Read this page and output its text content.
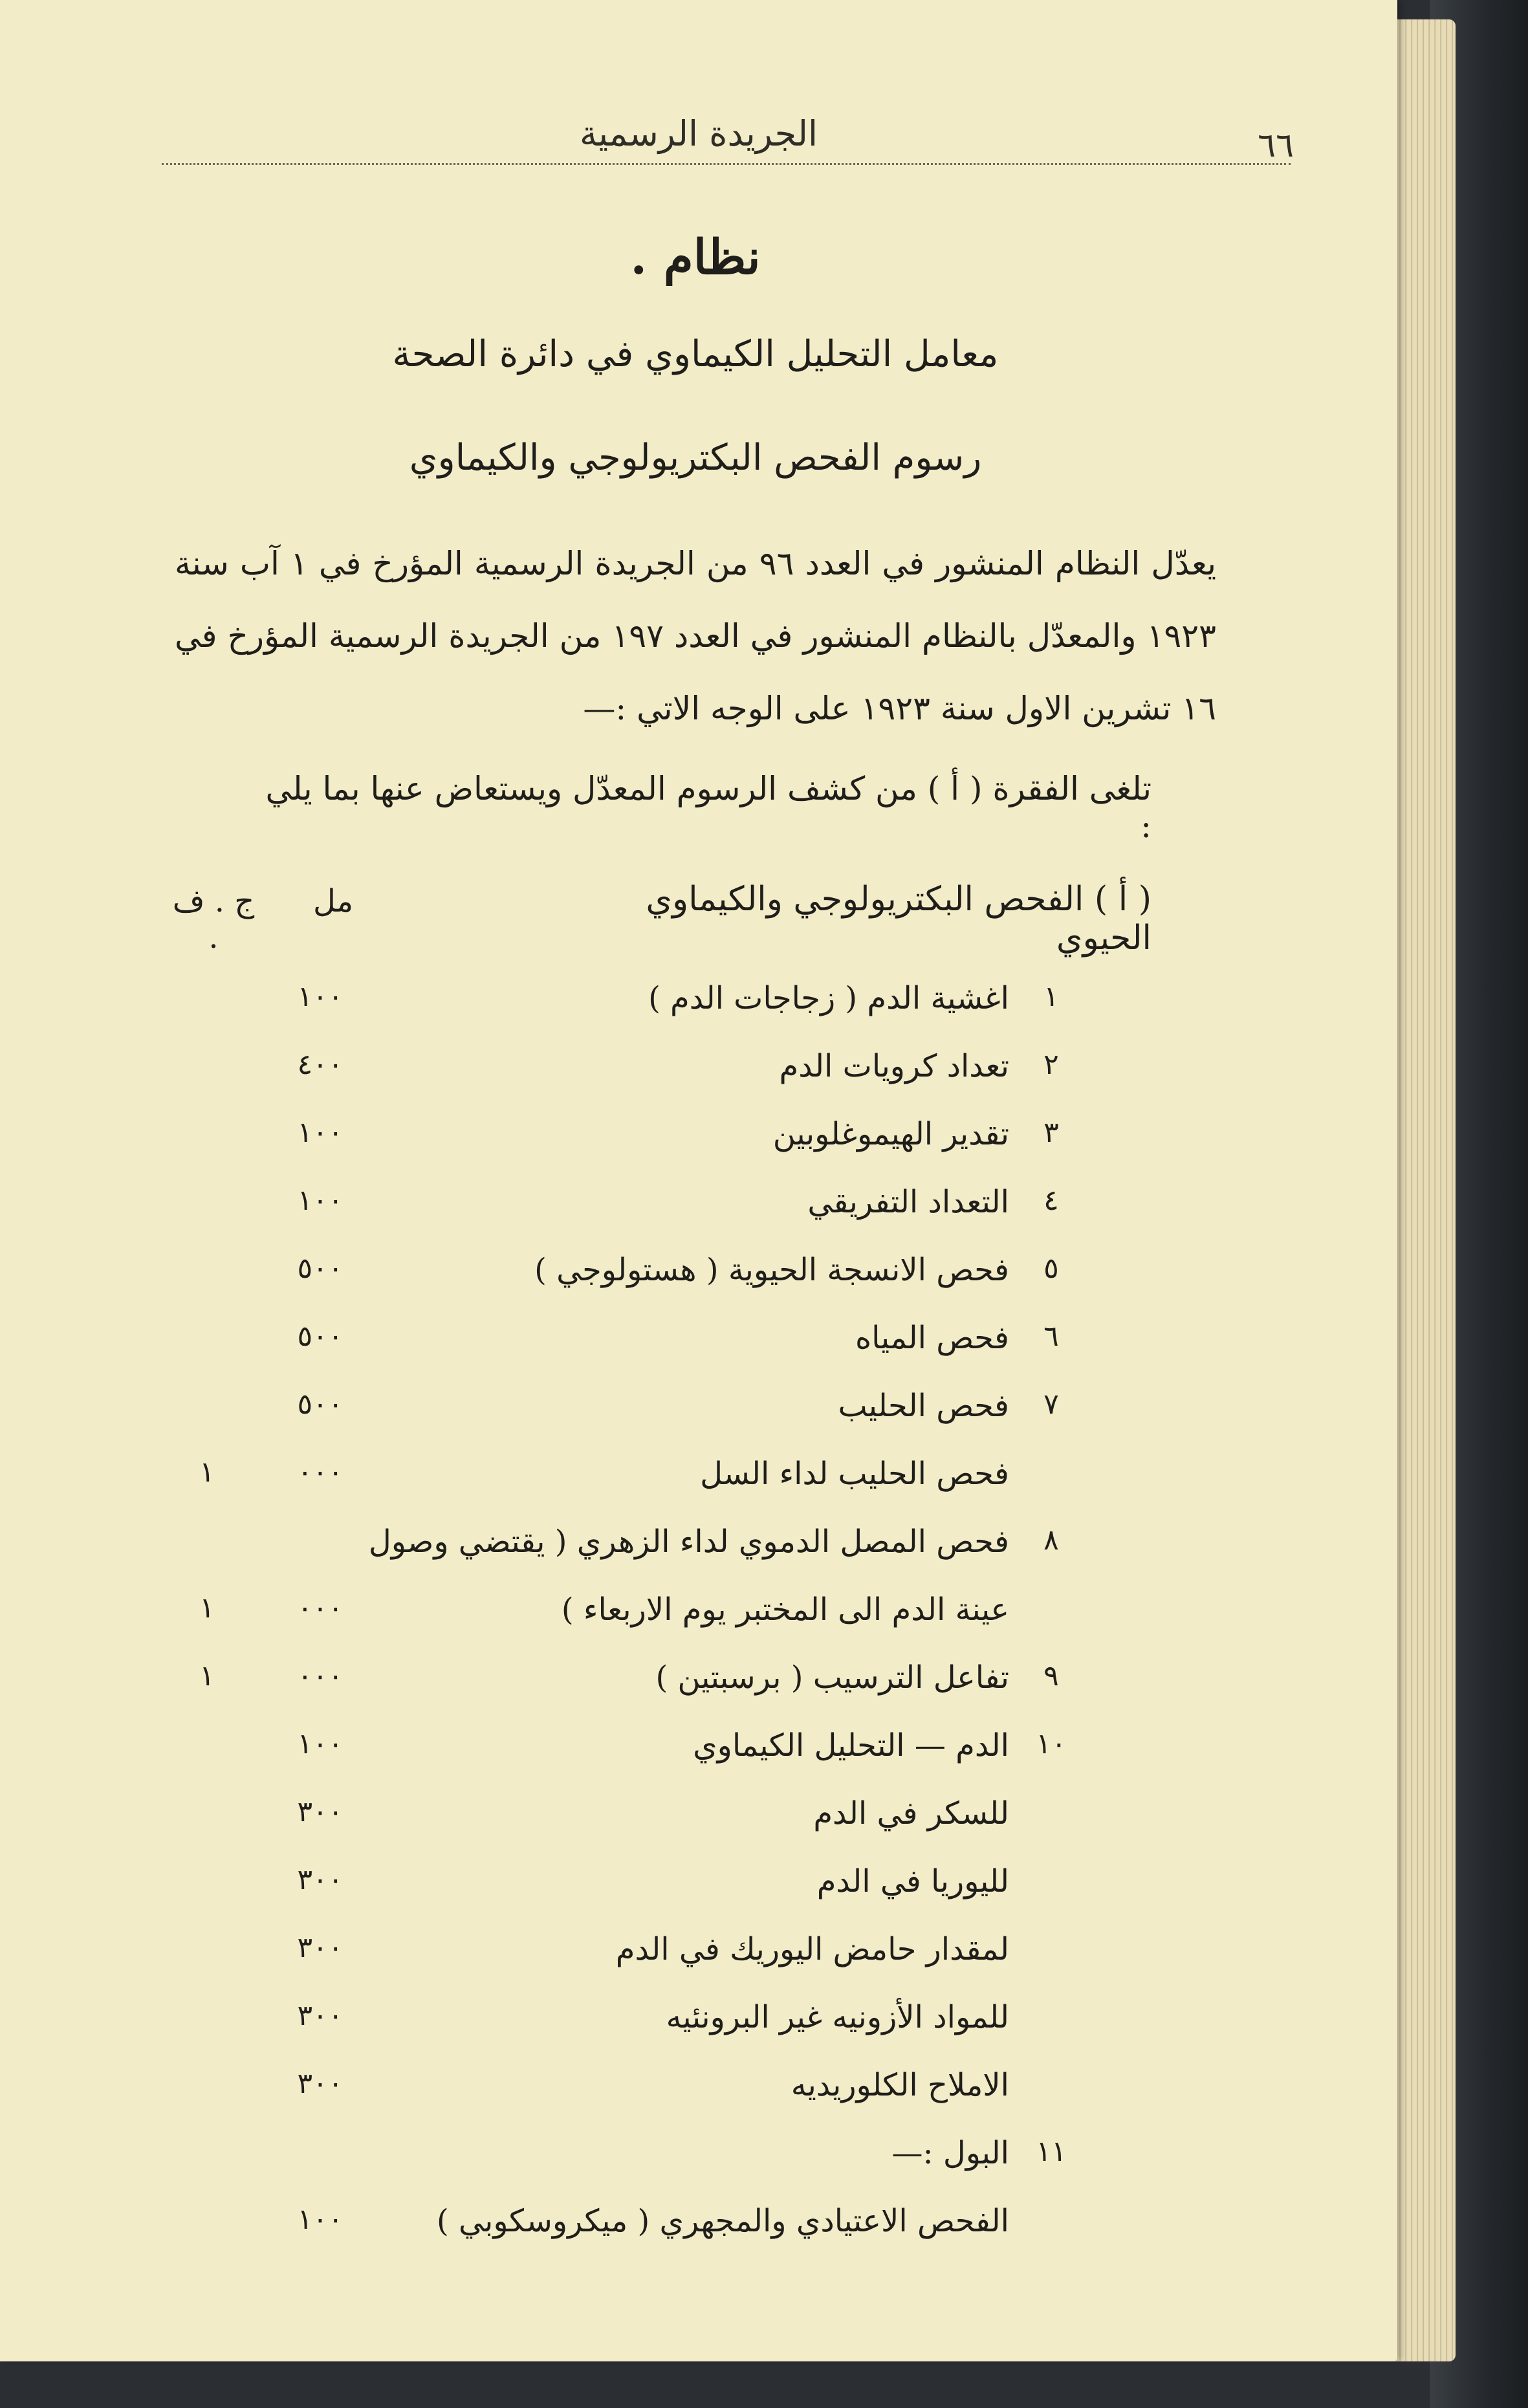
الجريدة الرسمية	٦٦
نظام .
معامل التحليل الكيماوي في دائرة الصحة
رسوم الفحص البكتريولوجي والكيماوي
يعدّل النظام المنشور في العدد ٩٦ من الجريدة الرسمية المؤرخ في ١ آب سنة ١٩٢٣ والمعدّل بالنظام المنشور في العدد ١٩٧ من الجريدة الرسمية المؤرخ في ١٦ تشرين الاول سنة ١٩٢٣ على الوجه الاتي :—
تلغى الفقرة ( أ ) من كشف الرسوم المعدّل ويستعاض عنها بما يلي :
( أ ) الفحص البكتريولوجي والكيماوي الحيوي
مل
ج . ف .
١
اغشية الدم ( زجاجات الدم )
١٠٠
٢
تعداد كرويات الدم
٤٠٠
٣
تقدير الهيموغلوبين
١٠٠
٤
التعداد التفريقي
١٠٠
٥
فحص الانسجة الحيوية ( هستولوجي )
٥٠٠
٦
فحص المياه
٥٠٠
٧
فحص الحليب
٥٠٠
فحص الحليب لداء السل
٠٠٠
١
٨
فحص المصل الدموي لداء الزهري ( يقتضي وصول
عينة الدم الى المختبر يوم الاربعاء )
٠٠٠
١
٩
تفاعل الترسيب ( برسبتين )
٠٠٠
١
١٠
الدم — التحليل الكيماوي
١٠٠
للسكر في الدم
٣٠٠
لليوريا في الدم
٣٠٠
لمقدار حامض اليوريك في الدم
٣٠٠
للمواد الأزونيه غير البرونئيه
٣٠٠
الاملاح الكلوريديه
٣٠٠
١١
البول :—
الفحص الاعتيادي والمجهري ( ميكروسكوبي )
١٠٠
